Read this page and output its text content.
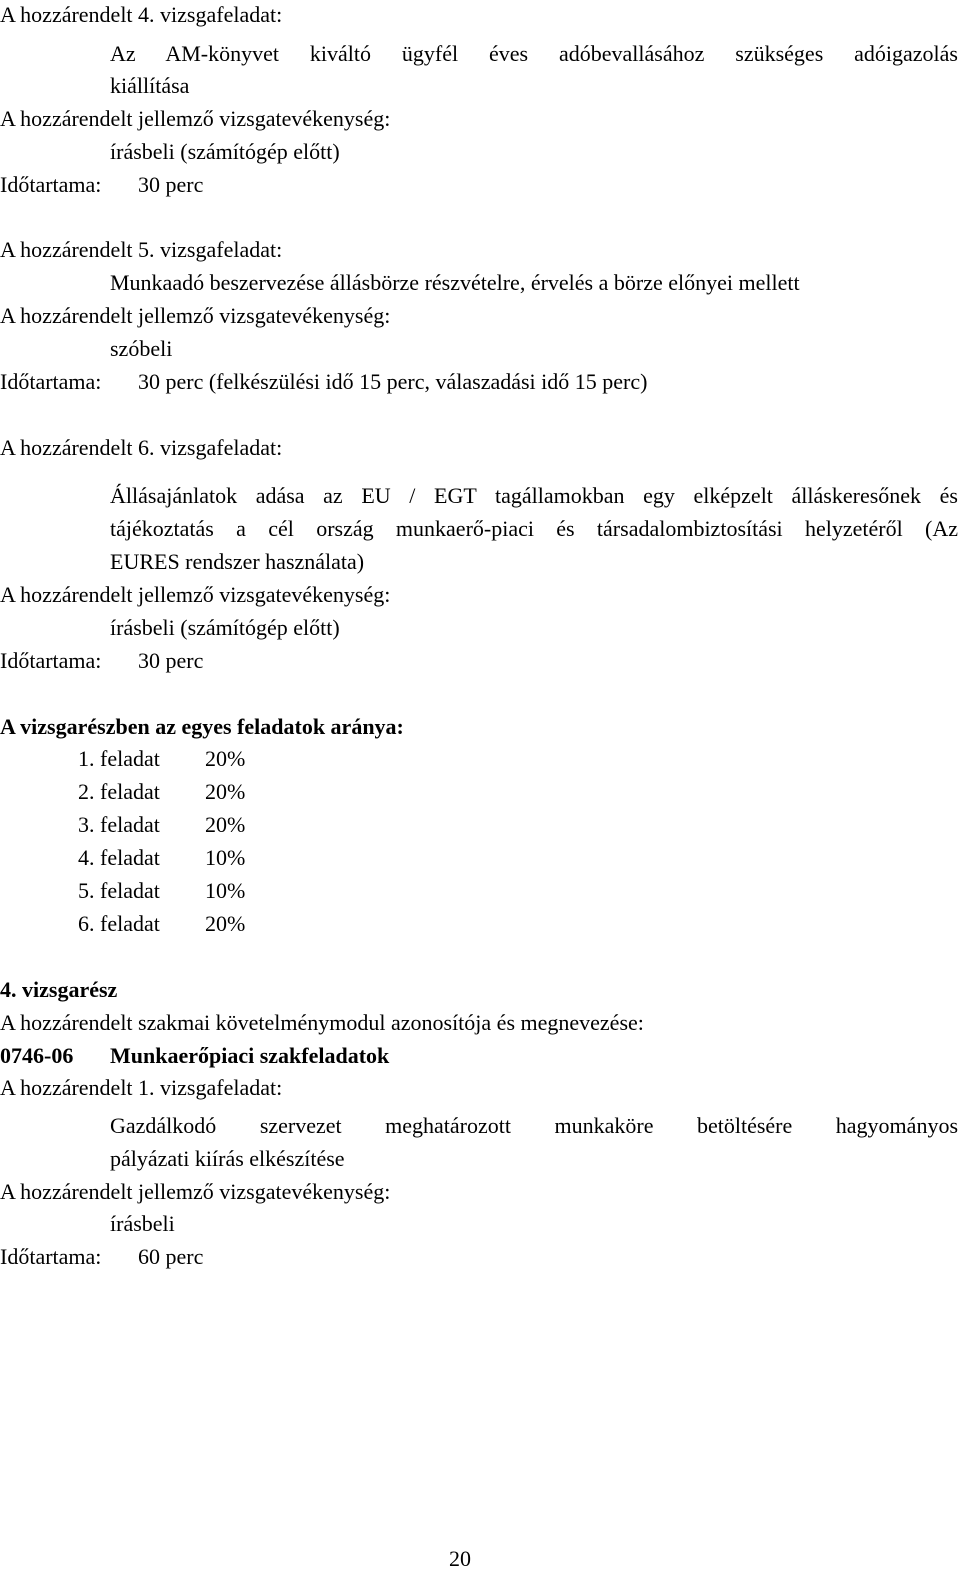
A hozzárendelt 4. vizsgafeladat:
Az AM-könyvet kiváltó ügyfél éves adóbevallásához szükséges adóigazolás
kiállítása
A hozzárendelt jellemző vizsgatevékenység:
írásbeli (számítógép előtt)
Időtartama: 30 perc
A hozzárendelt 5. vizsgafeladat:
Munkaadó beszervezése állásbörze részvételre, érvelés a börze előnyei mellett
A hozzárendelt jellemző vizsgatevékenység:
szóbeli
Időtartama: 30 perc (felkészülési idő 15 perc, válaszadási idő 15 perc)
A hozzárendelt 6. vizsgafeladat:
Állásajánlatok adása az EU / EGT tagállamokban egy elképzelt álláskeresőnek és
tájékoztatás a cél ország munkaerő-piaci és társadalombiztosítási helyzetéről (Az
EURES rendszer használata)
A hozzárendelt jellemző vizsgatevékenység:
írásbeli (számítógép előtt)
Időtartama: 30 perc
A vizsgarészben az egyes feladatok aránya:
1. feladat 20%
2. feladat 20%
3. feladat 20%
4. feladat 10%
5. feladat 10%
6. feladat 20%
4. vizsgarész
A hozzárendelt szakmai követelménymodul azonosítója és megnevezése:
0746-06 Munkaerőpiaci szakfeladatok
A hozzárendelt 1. vizsgafeladat:
Gazdálkodó szervezet meghatározott munkaköre betöltésére hagyományos
pályázati kiírás elkészítése
A hozzárendelt jellemző vizsgatevékenység:
írásbeli
Időtartama: 60 perc
20
